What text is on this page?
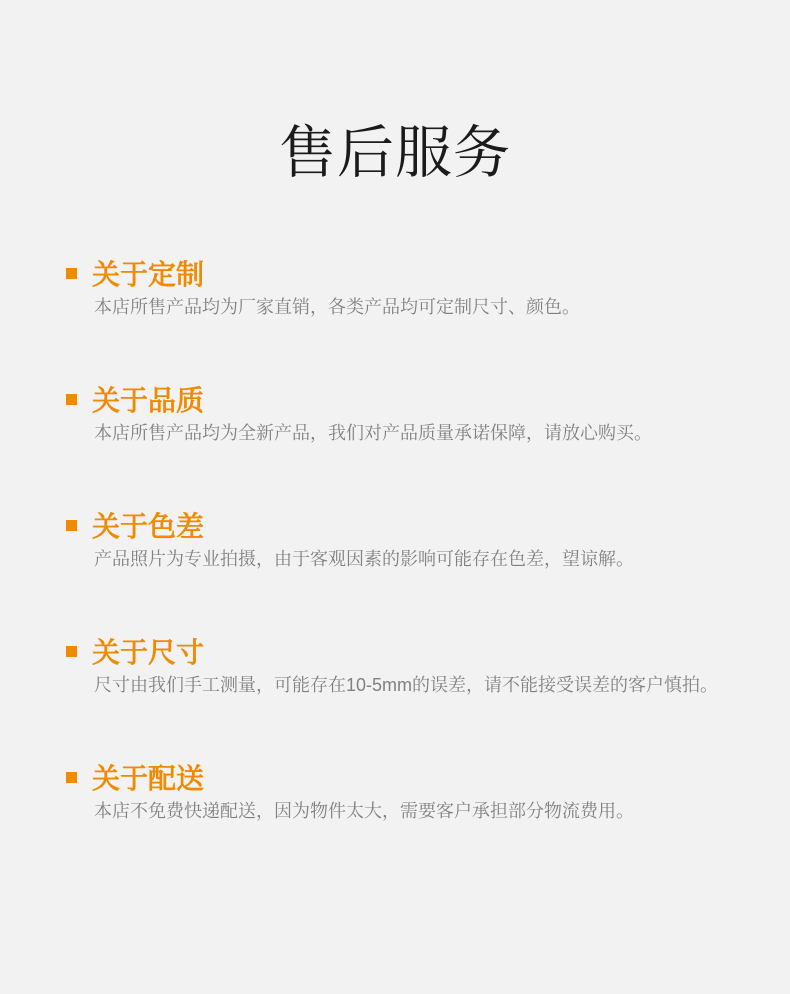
售后服务
关于定制

本店所售产品均为厂家直销，各类产品均可定制尺寸、颜色。

关于品质

本店所售产品均为全新产品，我们对产品质量承诺保障，请放心购买。

关于色差

产品照片为专业拍摄，由于客观因素的影响可能存在色差，望谅解。

关于尺寸

尺寸由我们手工测量，可能存在10-5mm的误差，请不能接受误差的客户慎拍。

关于配送

本店不免费快递配送，因为物件太大，需要客户承担部分物流费用。
